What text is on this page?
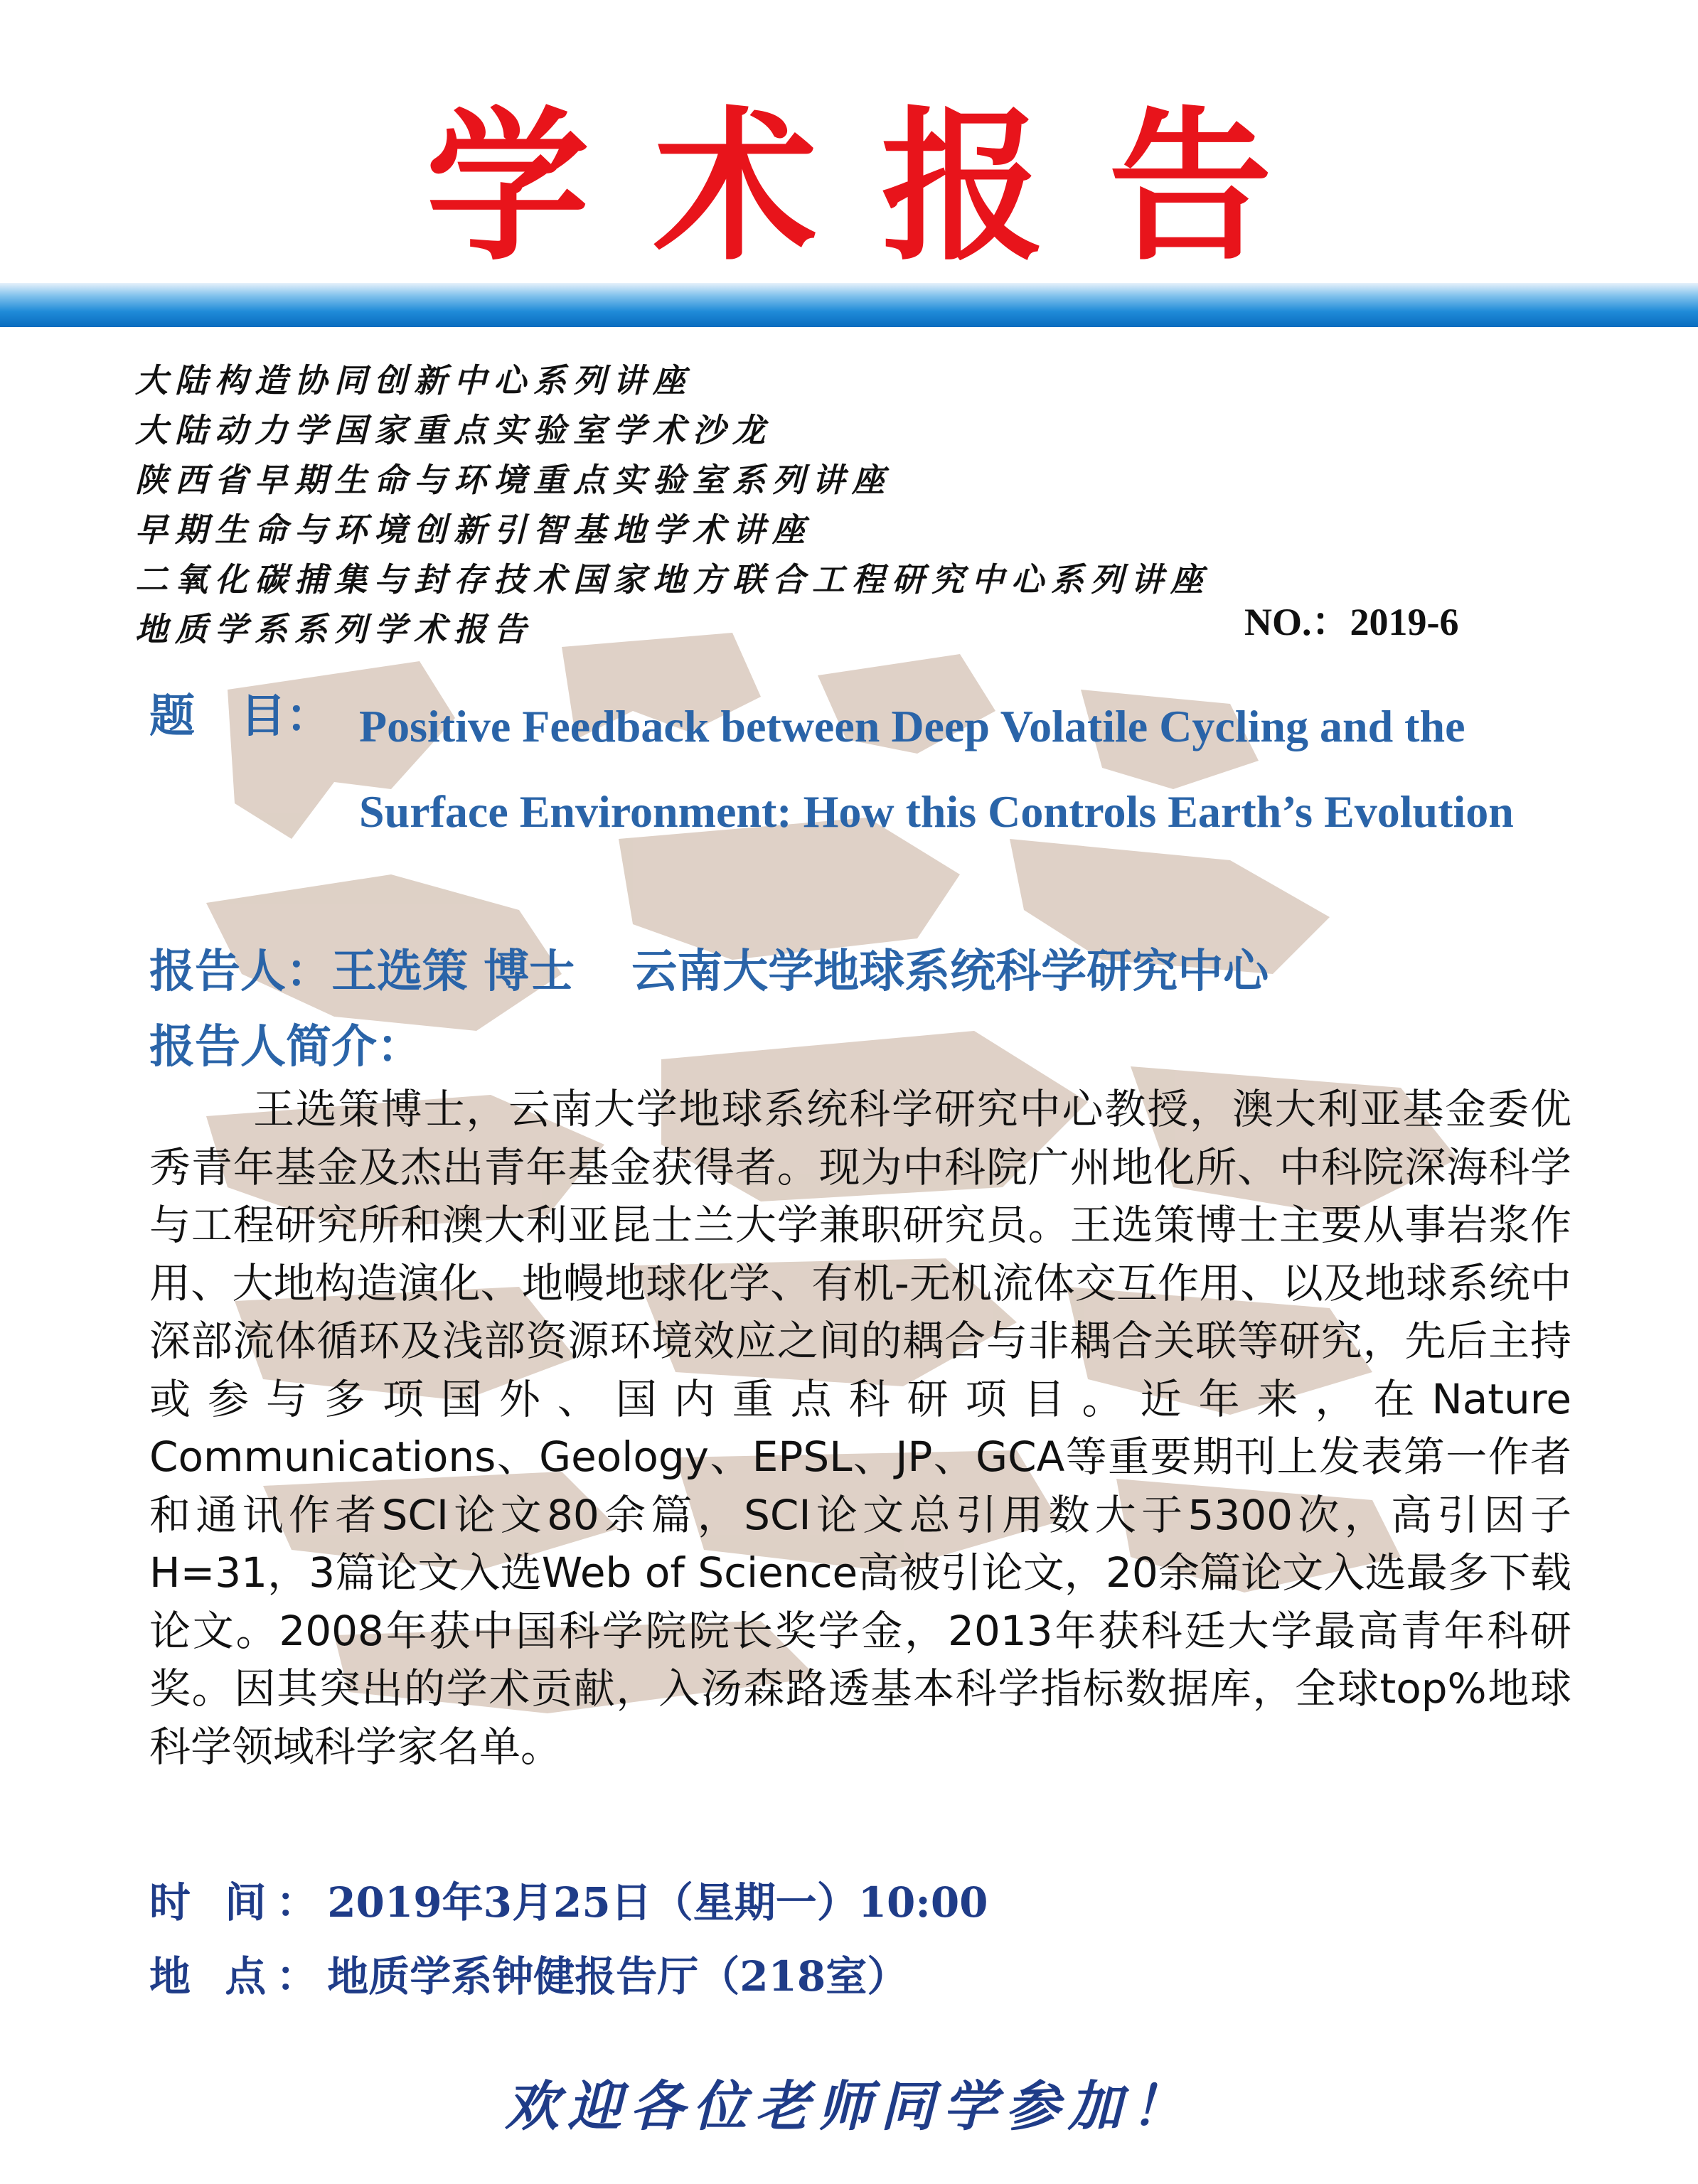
学术报告
大陆构造协同创新中心系列讲座
大陆动力学国家重点实验室学术沙龙
陕西省早期生命与环境重点实验室系列讲座
早期生命与环境创新引智基地学术讲座
二氧化碳捕集与封存技术国家地方联合工程研究中心系列讲座
地质学系系列学术报告	NO.：2019-6
题　目： Positive Feedback between Deep Volatile Cycling and the Surface Environment: How this Controls Earth’s Evolution

报告人：王选策 博士 云南大学地球系统科学研究中心
报告人简介：

王选策博士，云南大学地球系统科学研究中心教授，澳大利亚基金委优秀青年基金及杰出青年基金获得者。现为中科院广州地化所、中科院深海科学与工程研究所和澳大利亚昆士兰大学兼职研究员。王选策博士主要从事岩浆作用、大地构造演化、地幔地球化学、有机-无机流体交互作用、以及地球系统中深部流体循环及浅部资源环境效应之间的耦合与非耦合关联等研究，先后主持或参与多项国外、国内重点科研项目。近年来，在Nature Communications、Geology、EPSL、JP、GCA等重要期刊上发表第一作者和通讯作者SCI论文80余篇，SCI论文总引用数大于5300次，高引因子H=31，3篇论文入选Web of Science高被引论文，20余篇论文入选最多下载论文。2008年获中国科学院院长奖学金，2013年获科廷大学最高青年科研奖。因其突出的学术贡献，入汤森路透基本科学指标数据库，全球top%地球科学领域科学家名单。

时 间：2019年3月25日（星期一）10:00
地 点：地质学系钟健报告厅（218室）
欢迎各位老师同学参加！
